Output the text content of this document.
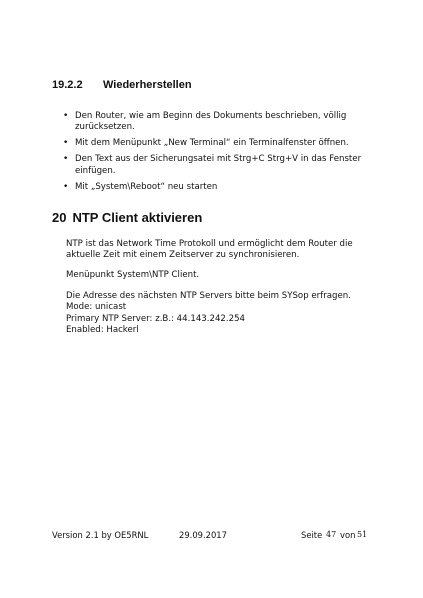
19.2.2 Wiederherstellen
• Den Router, wie am Beginn des Dokuments beschrieben, völlig zurücksetzen.
• Mit dem Menüpunkt „New Terminal“ ein Terminalfenster öffnen.
• Den Text aus der Sicherungsatei mit Strg+C Strg+V in das Fenster einfügen.
• Mit „System\Reboot“ neu starten
20 NTP Client aktivieren

NTP ist das Network Time Protokoll und ermöglicht dem Router die aktuelle Zeit mit einem Zeitserver zu synchronisieren.

Menüpunkt System\NTP Client.

Die Adresse des nächsten NTP Servers bitte beim SYSop erfragen.
Mode: unicast
Primary NTP Server: z.B.: 44.143.242.254
Enabled: Hackerl

Version 2.1 by OE5RNL	29.09.2017	Seite 47 von 51
